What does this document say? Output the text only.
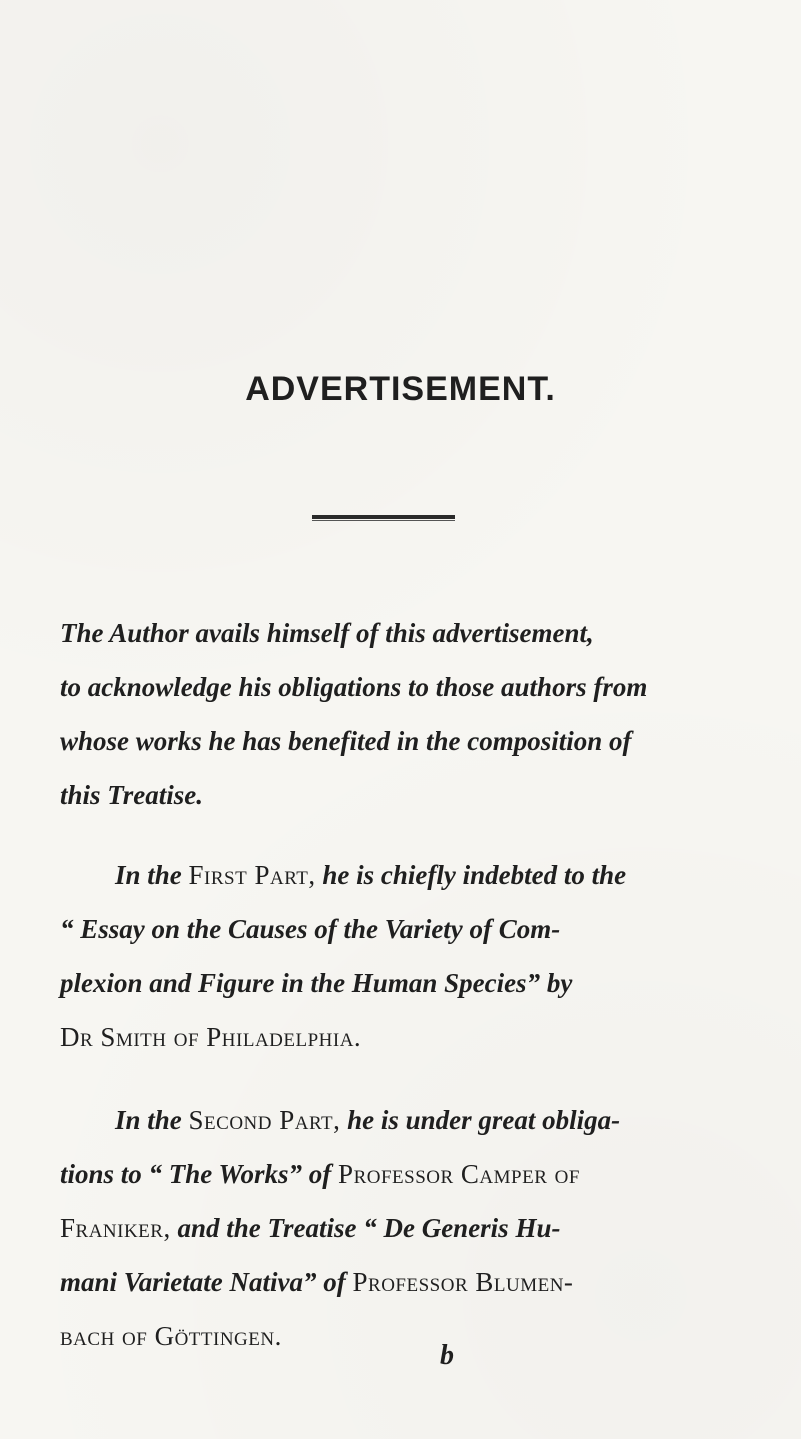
ADVERTISEMENT.
The Author avails himself of this advertisement,
to acknowledge his obligations to those authors from
whose works he has benefited in the composition of
this Treatise.
In the First Part, he is chiefly indebted to the
“ Essay on the Causes of the Variety of Com-
plexion and Figure in the Human Species” by
Dr Smith of Philadelphia.
In the Second Part, he is under great obliga-
tions to “ The Works” of Professor Camper of
Franiker, and the Treatise “ De Generis Hu-
mani Varietate Nativa” of Professor Blumen-
bach of Göttingen.
b
